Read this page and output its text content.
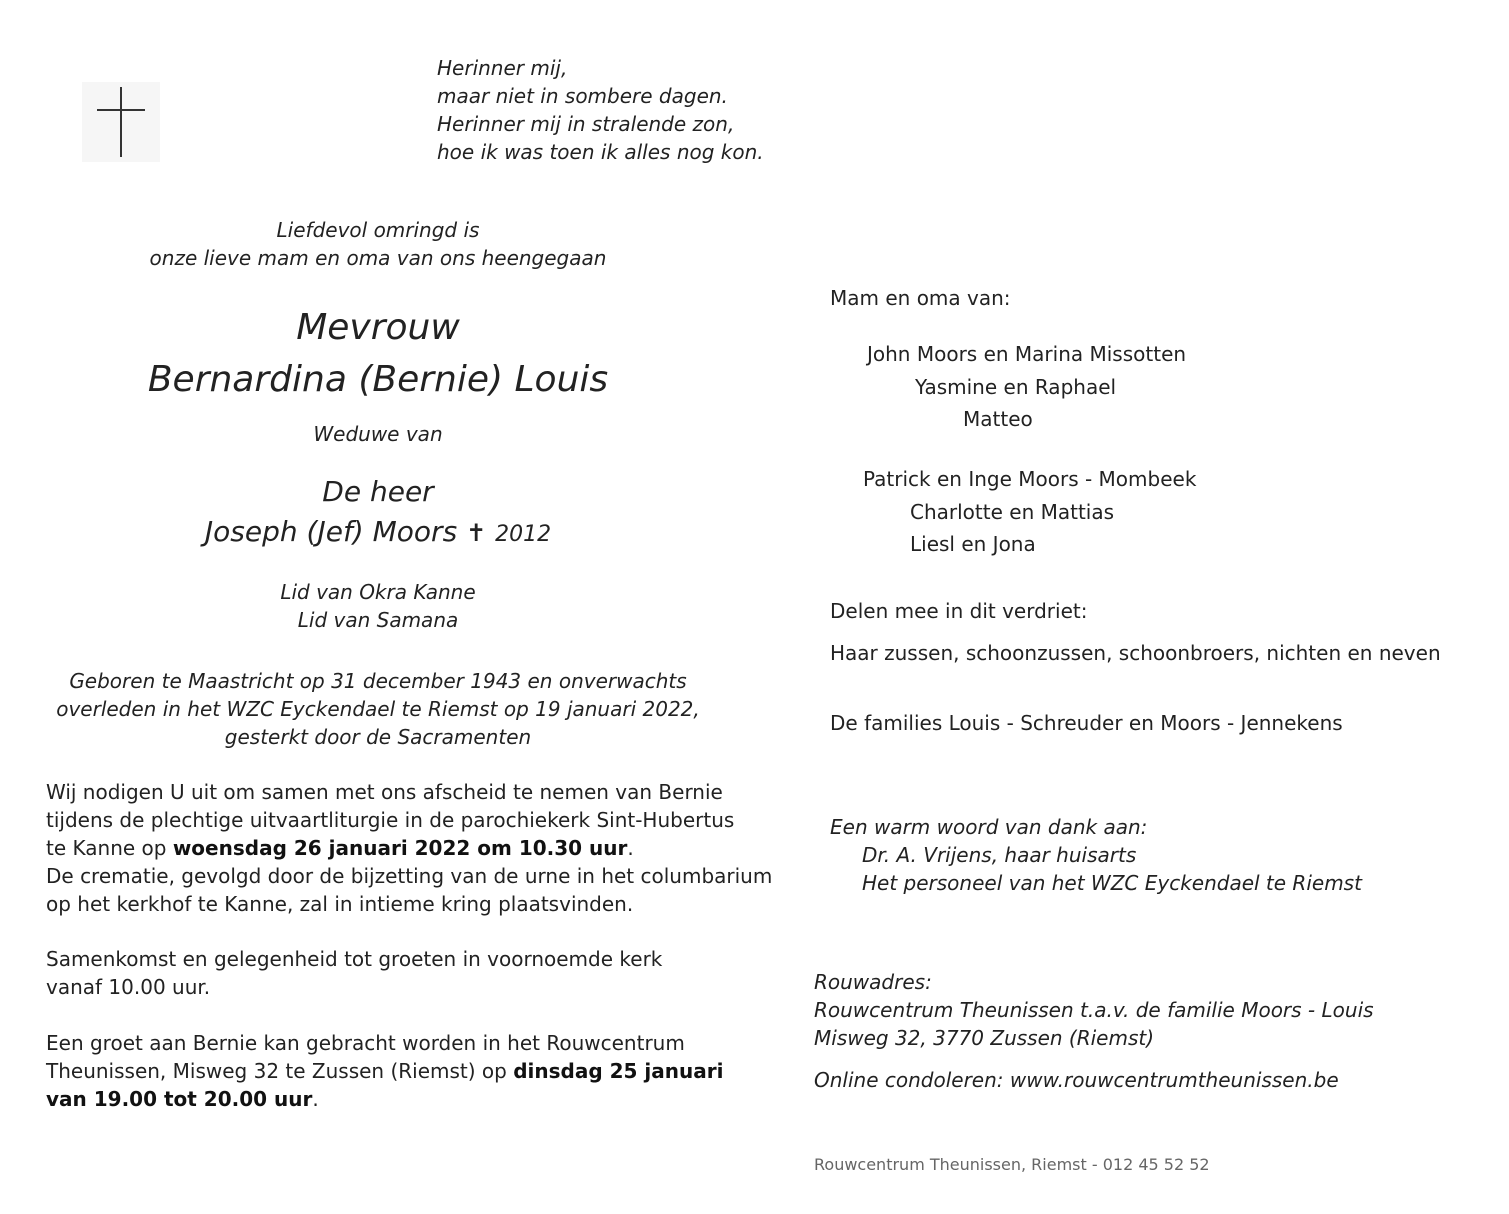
Herinner mij,
maar niet in sombere dagen.
Herinner mij in stralende zon,
hoe ik was toen ik alles nog kon.
Liefdevol omringd is
onze lieve mam en oma van ons heengegaan
Mevrouw
Bernardina (Bernie) Louis
Weduwe van
De heer
Joseph (Jef) Moors ✝ 2012
Lid van Okra Kanne
Lid van Samana
Geboren te Maastricht op 31 december 1943 en onverwachts
overleden in het WZC Eyckendael te Riemst op 19 januari 2022,
gesterkt door de Sacramenten
Wij nodigen U uit om samen met ons afscheid te nemen van Bernie
tijdens de plechtige uitvaartliturgie in de parochiekerk Sint-Hubertus
te Kanne op woensdag 26 januari 2022 om 10.30 uur.
De crematie, gevolgd door de bijzetting van de urne in het columbarium
op het kerkhof te Kanne, zal in intieme kring plaatsvinden.
Samenkomst en gelegenheid tot groeten in voornoemde kerk
vanaf 10.00 uur.
Een groet aan Bernie kan gebracht worden in het Rouwcentrum
Theunissen, Misweg 32 te Zussen (Riemst) op dinsdag 25 januari
van 19.00 tot 20.00 uur.
Mam en oma van:
John Moors en Marina Missotten
Yasmine en Raphael
Matteo
Patrick en Inge Moors - Mombeek
Charlotte en Mattias
Liesl en Jona
Delen mee in dit verdriet:
Haar zussen, schoonzussen, schoonbroers, nichten en neven
De families Louis - Schreuder en Moors - Jennekens
Een warm woord van dank aan:
Dr. A. Vrijens, haar huisarts
Het personeel van het WZC Eyckendael te Riemst
Rouwadres:
Rouwcentrum Theunissen t.a.v. de familie Moors - Louis
Misweg 32, 3770 Zussen (Riemst)
Online condoleren: www.rouwcentrumtheunissen.be
Rouwcentrum Theunissen, Riemst - 012 45 52 52
